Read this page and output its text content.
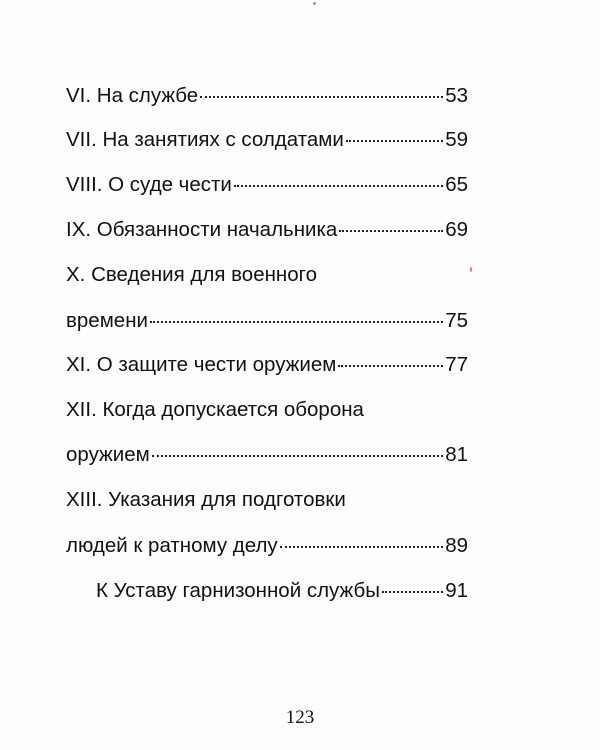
VI. На службе	53
VII. На занятиях с солдатами	59
VIII. О суде чести	65
IX. Обязанности начальника	69
X. Сведения для военного
времени	75
XI. О защите чести оружием	77
XII. Когда допускается оборона
оружием	81
XIII. Указания для подготовки
людей к ратному делу	89
К Уставу гарнизонной службы	91
123
